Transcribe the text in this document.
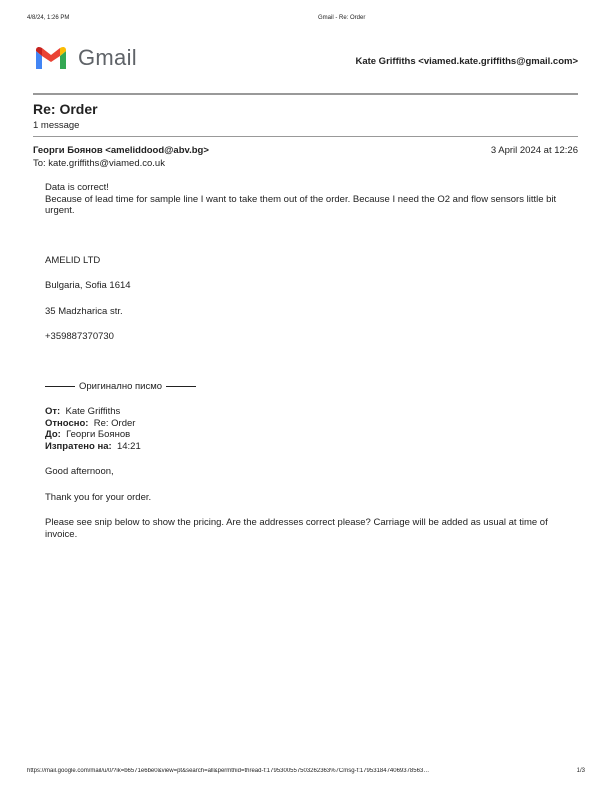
4/8/24, 1:26 PM	Gmail - Re: Order
Gmail	Kate Griffiths <viamed.kate.griffiths@gmail.com>
Re: Order
1 message
Георги Боянов <ameliddood@abv.bg>	3 April 2024 at 12:26
To: kate.griffiths@viamed.co.uk

Data is correct!

Because of lead time for sample line I want to take them out of the order. Because I need the O2 and flow sensors little bit urgent.

AMELID LTD

Bulgaria, Sofia 1614

35 Madzharica str.

+359887370730

Оригинално писмо

От: Kate Griffiths

Относно: Re: Order

До: Георги Боянов

Изпратено на: 14:21

Good afternoon,

Thank you for your order.

Please see snip below to show the pricing. Are the addresses correct please? Carriage will be added as usual at time of invoice.

https://mail.google.com/mail/u/0/?ik=b6571e6be0&view=pt&search=all&permthid=thread-f:1795300557503262363%7Cmsg-f:1795318474069378563…	1/3
